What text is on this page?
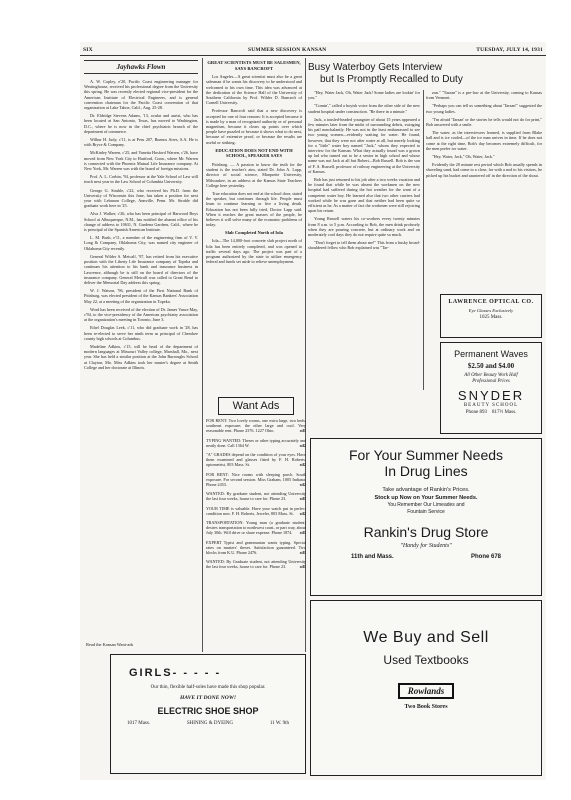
SIX	SUMMER SESSION KANSAN	TUESDAY, JULY 14, 1931
Jayhawks Flown

A. W. Copley, e'20, Pacific Coast engineering manager for Westinghouse, received his professional degree from the University this spring. He was recently elected regional vice-president for the American Institute of Electrical Engineers, and is general convention chairman for the Pacific Coast convention of that organization at Lake Tahoe, Calif., Aug. 25-28.

Dr. Eldridge Stevens Adams, '13, ocular and aurist, who has been located at San Antonio, Texas, has moved to Washington, D.C., where he is now in the chief psychiatric branch of the department of commerce.

Wilbur H. Judy, c'11, is at Peru 207, Buenos Aires, S.A. He is with Bryce & Company.

McKinley Warren, c'25, and Vanetta Hosford Warren, c'26, have moved from New York City to Hartford, Conn., where Mr. Warren is connected with the Phoenix Mutual Life Insurance company. At New York, Mr. Warren was with the board of foreign missions.

Prof. A. L. Corbin, '94, professor at the Yale School of Law will teach next year in the Law School of Columbia University.

George G. Struble, c'22, who received his Ph.D. from the University of Wisconsin this June, has taken a position for next year with Lebanon College, Annville, Penn. Mr. Struble did graduate work here in '25.

Alva J. Walker, c'26, who has been principal of Harwood Boys School at Albuquerque, N.M., has notified the alumni office of his change of address to 10631, N. Gardena Gardens, Calif., where he is principal of the Spanish American Institute.

L. M. Bush, e'11, a member of the engineering firm of V. V. Long & Company, Oklahoma City, was named city engineer of Oklahoma City recently.

General Wilder S. Metcalf, '97, has retired from his executive position with the Liberty Life Insurance company of Topeka and continues his attention to his bank and insurance business in Lawrence, although he is still on the board of directors of the insurance company. General Metcalf was called to Great Bend to deliver the Memorial Day address this spring.

W. J. Watson, '96, president of the First National Bank of Pittsburg, was elected president of the Kansas Bankers' Association May 22, at a meeting of the organization in Topeka.

Word has been received of the election of Dr. James Vance May, c'94, to the vice-presidency of the American psychiatry association at the organization's meeting in Toronto, June 3.

Ethel Douglas Leek, c'11, who did graduate work in '28, has been re-elected to serve her ninth term as principal of Cherokee county high schools at Columbus.

Madeline Adkins, c'15, will be head of the department of modern languages at Missouri Valley college, Marshall, Mo., next year. She has held a similar position at the John Burroughs School at Clayton, Mo. Miss Adkins took her master's degree at Smith College and her doctorate at Illinois.

Read the Kansan Want-ads
GREAT SCIENTISTS MUST BE SALESMEN, SAYS BANCROFT

Los Angeles—A great scientist must also be a great salesman if he wants his discovery to be understood and welcomed to his own time. This idea was advanced at the dedication of the Science Hall of the University of Southern California by Prof. Wilder D. Bancroft of Cornell University.

Professor Bancroft said that a new discovery is accepted for one of four reasons: It is accepted because it is made by a man of recognized authority or of personal magnetism, because it clears up points over which people have puzzled or because it shows what to do next, because of extensive proof, or because the results are useful or striking.

EDUCATION DOES NOT END WITH SCHOOL, SPEAKER SAYS

Pittsburg. — A passion to know the truth for the student is the teacher's aim, stated Dr. John A. Lapp, director of social science, Marquette University, Milwaukee, in an address at the Kansas State Teachers College here yesterday.

True education does not end at the school door, stated the speaker, but continues through life. People must learn to continue learning or live a living death. Education has not been fully tried, Doctor Lapp said. When it reaches the great masses of the people, he believes it will solve many of the economic problems of today.

Slab Completed North of Iola

Iola—The 14,000-foot concrete slab project north of Iola has been entirely completed, and was opened to traffic several days ago. The project was part of a program authorized by the state to utilize emergency federal and funds set aside to relieve unemployment.

Busy Waterboy Gets Interview
but Is Promptly Recalled to Duty

"Hey, Water Jack, Oh, Water Jack! Some ladies are lookin' for you."

"Comin'," called a boyish voice from the other side of the new student hospital under construction. "Be there in a minute."

Jack, a tousled-headed youngster of about 15 years appeared a few minutes later from the midst of surrounding debris, swinging his pail nonchalantly. He was not in the least embarrassed to see two young women—evidently waiting for water. He found, however, that they were not after water at all, but merely looking for a "little" water boy named "Jack," whom they expected to interview for the Kansan. What they actually found was a grown up lad who turned out to be a senior in high school and whose name was not Jack at all but Robert—Bob Russell. Bob is the son of F. A. Russell, professor of railway engineering at the University of Kansas.

Bob has just returned to his job after a two weeks vacation and he found that while he was absent the workmen on the new hospital had suffered during the hot weather for the want of a competent water boy. He learned also that two other carriers had worked while he was gone and that neither had been quite so efficient as he. As a matter of fact the workmen were still rejoicing upon his return.

Young Russell waters his co-workers every twenty minutes from 8 a.m. to 5 p.m. According to Bob, the men drink profusely when they are pouring concrete, but at ordinary work and on moderately cool days they do not require quite so much.

"Don't forget to tell them about me!" This from a husky broad-shouldered fellow who Bob explained was "Tar-

zan." "Tarzan" is a pre-law at the University, coming to Kansas from Vermont.

"Perhaps you can tell us something about 'Tarzan'" suggested the two young ladies.

"I'm afraid 'Tarzan' or the stories he tells would not do for print," Bob answered with a smile.

The water, as the interviewers learned, is supplied from Blake hall and is ice cooled—of the ice man arrives in time. If he does not come at the right time, Bob's day becomes extremely difficult, for the men prefer ice water.

"Hey, Water, Jack," Oh, Water, Jack."

Evidently the 20 minute rest period which Bob usually spends in shoveling sand, had come to a close, for with a nod to his visitors, he picked up his bucket and sauntered off in the direction of the shout.

LAWRENCE OPTICAL CO.
Eye Glasses Exclusively
1025 Mass.
Permanent Waves
$2.50 and $4.00
All Other Beauty Work Half
Professional Prices
SNYDER
BEAUTY SCHOOL
Phone 893 817½ Mass.
Want Ads

FOR RENT: Two lovely rooms, one extra large, two beds, southeast exposure; the other large and cool. Very reasonable rent. Phone 2376. 1227 Ohio.	stl1

TYPING WANTED: Theses or other typing accurately and neatly done. Call 1364 W.	stl2

"A" GRADES depend on the condition of your eyes. Have them examined and glasses fitted by F. H. Roberts, optometrist, 803 Mass. St.	stl2

FOR RENT: Nice rooms with sleeping porch. South exposure. For second session. Miss Graham, 1005 Indiana. Phone 2453.	stl2

WANTED: By graduate student, not attending University the last four weeks, house to care for. Phone 23.	stl1

YOUR TIME is valuable. Have your watch put in perfect condition now. F. H. Roberts, Jeweler, 803 Mass. St. stl2

TRANSPORTATION: Young man (a graduate student) desires transportation to northwest coast, or part way, about July 30th. Will drive or share expense. Phone 1874. stl1

EXPERT Typist and grammarian wants typing. Special rates on masters' theses. Satisfaction guaranteed. Two blocks from K.U. Phone 2476.	stl1

WANTED: By Graduate student, not attending University the last four weeks, house to care for. Phone 23.	stl1

For Your Summer Needs
In Drug Lines
Take advantage of Rankin's Prices.
Stock up Now on Your Summer Needs.
You Remember Our Limeades and
Fountain Service
Rankin's Drug Store
"Handy for Students"
11th and Mass.	Phone 678
We Buy and Sell
Used Textbooks
Rowlands
Two Book Stores
GIRLS- - - - -
Our thin, flexible half-soles have made this shop popular.
HAVE IT DONE NOW!
ELECTRIC SHOE SHOP
1017 Mass.	SHINING & DYEING	11 W. 9th
